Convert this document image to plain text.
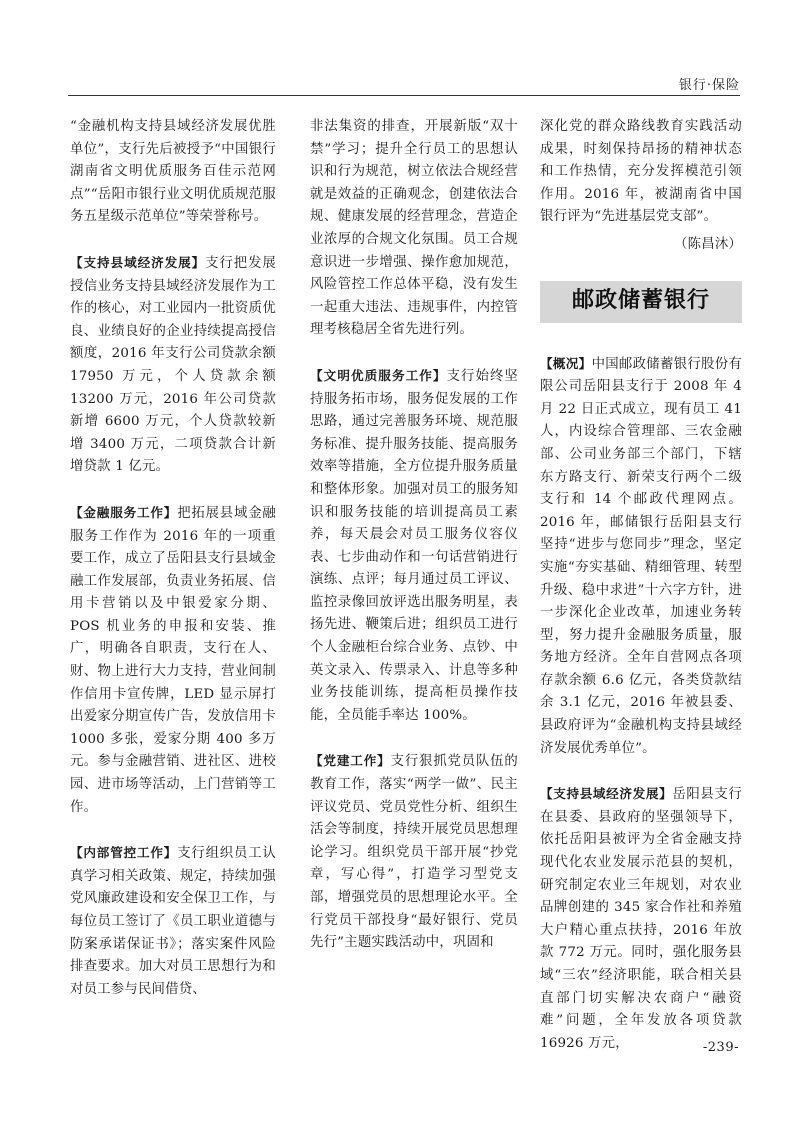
银行·保险

“金融机构支持县域经济发展优胜单位”，支行先后被授予“中国银行湖南省文明优质服务百佳示范网点”“岳阳市银行业文明优质规范服务五星级示范单位”等荣誉称号。

【支持县域经济发展】支行把发展授信业务支持县域经济发展作为工作的核心，对工业园内一批资质优良、业绩良好的企业持续提高授信额度，2016 年支行公司贷款余额 17950 万元，个人贷款余额 13200 万元，2016 年公司贷款新增 6600 万元，个人贷款较新增 3400 万元，二项贷款合计新增贷款 1 亿元。

【金融服务工作】把拓展县域金融服务工作作为 2016 年的一项重要工作，成立了岳阳县支行县域金融工作发展部，负责业务拓展、信用卡营销以及中银爱家分期、POS 机业务的申报和安装、推广，明确各自职责，支行在人、财、物上进行大力支持，营业间制作信用卡宣传牌，LED 显示屏打出爱家分期宣传广告，发放信用卡 1000 多张，爱家分期 400 多万元。参与金融营销、进社区、进校园、进市场等活动，上门营销等工作。

【内部管控工作】支行组织员工认真学习相关政策、规定，持续加强党风廉政建设和安全保卫工作，与每位员工签订了《员工职业道德与防案承诺保证书》；落实案件风险排查要求。加大对员工思想行为和对员工参与民间借贷、

非法集资的排查，开展新版“双十禁”学习；提升全行员工的思想认识和行为规范，树立依法合规经营就是效益的正确观念，创建依法合规、健康发展的经营理念，营造企业浓厚的合规文化氛围。员工合规意识进一步增强、操作愈加规范，风险管控工作总体平稳，没有发生一起重大违法、违规事件，内控管理考核稳居全省先进行列。

【文明优质服务工作】支行始终坚持服务拓市场，服务促发展的工作思路，通过完善服务环境、规范服务标准、提升服务技能、提高服务效率等措施，全方位提升服务质量和整体形象。加强对员工的服务知识和服务技能的培训提高员工素养，每天晨会对员工服务仪容仪表、七步曲动作和一句话营销进行演练、点评；每月通过员工评议、监控录像回放评选出服务明星，表扬先进、鞭策后进；组织员工进行个人金融柜台综合业务、点钞、中英文录入、传票录入、计息等多种业务技能训练，提高柜员操作技能，全员能手率达 100%。

【党建工作】支行狠抓党员队伍的教育工作，落实“两学一做”、民主评议党员、党员党性分析、组织生活会等制度，持续开展党员思想理论学习。组织党员干部开展“抄党章，写心得”，打造学习型党支部，增强党员的思想理论水平。全行党员干部投身“最好银行、党员先行”主题实践活动中，巩固和

深化党的群众路线教育实践活动成果，时刻保持昂扬的精神状态和工作热情，充分发挥模范引领作用。2016 年，被湖南省中国银行评为“先进基层党支部”。

（陈昌沐）

邮政储蓄银行

【概况】中国邮政储蓄银行股份有限公司岳阳县支行于 2008 年 4 月 22 日正式成立，现有员工 41 人，内设综合管理部、三农金融部、公司业务部三个部门，下辖东方路支行、新荣支行两个二级支行和 14 个邮政代理网点。2016 年，邮储银行岳阳县支行坚持“进步与您同步”理念，坚定实施“夯实基础、精细管理、转型升级、稳中求进”十六字方针，进一步深化企业改革，加速业务转型，努力提升金融服务质量，服务地方经济。全年自营网点各项存款余额 6.6 亿元，各类贷款结余 3.1 亿元，2016 年被县委、县政府评为“金融机构支持县域经济发展优秀单位”。

【支持县域经济发展】岳阳县支行在县委、县政府的坚强领导下，依托岳阳县被评为全省金融支持现代化农业发展示范县的契机，研究制定农业三年规划，对农业品牌创建的 345 家合作社和养殖大户精心重点扶持，2016 年放款 772 万元。同时，强化服务县域“三农”经济职能，联合相关县直部门切实解决农商户“融资难”问题，全年发放各项贷款 16926 万元，	-239-
